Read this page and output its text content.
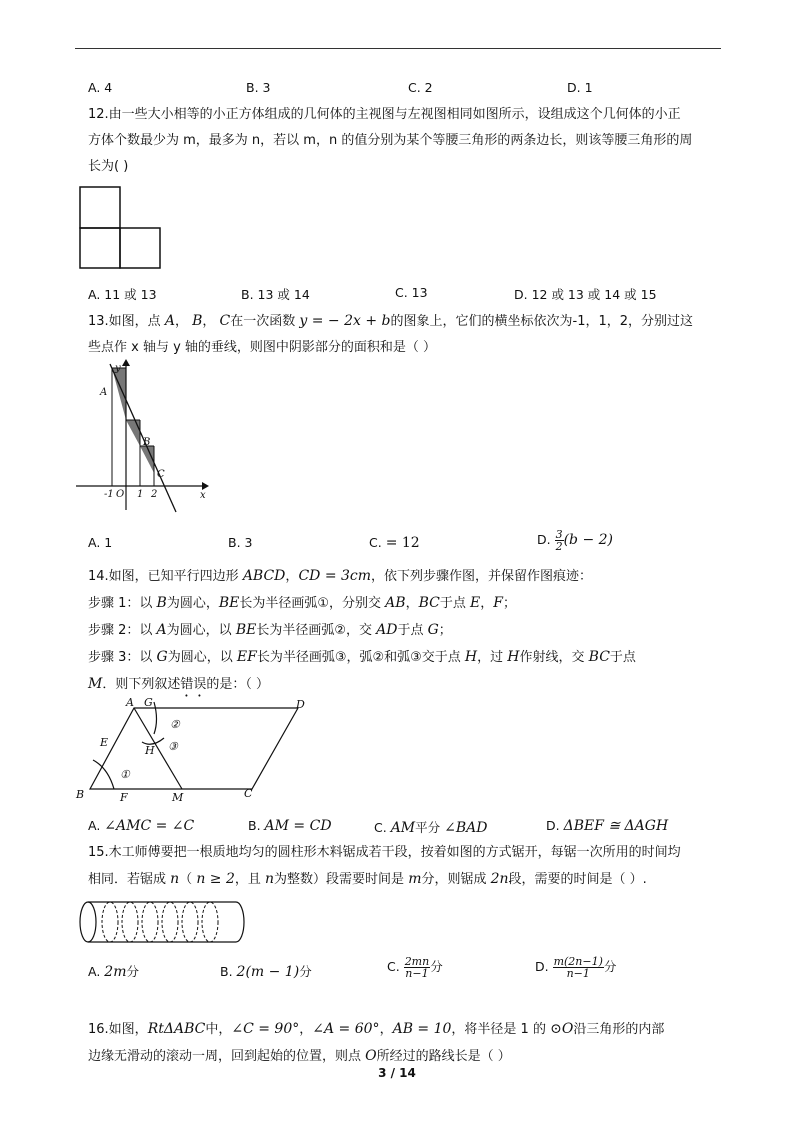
A. 4	B. 3	C. 2	D. 1

12.由一些大小相等的小正方体组成的几何体的主视图与左视图相同如图所示，设组成这个几何体的小正

方体个数最少为 m，最多为 n，若以 m，n 的值分别为某个等腰三角形的两条边长，则该等腰三角形的周

长为( )

A. 11 或 13	B. 13 或 14	C. 13	D. 12 或 13 或 14 或 15

13.如图，点 A， B， C在一次函数 y = − 2x + b的图象上，它们的横坐标依次为-1，1，2，分别过这

些点作 x 轴与 y 轴的垂线，则图中阴影部分的面积和是（ ）

y
x
A
B
C
-1 O 1 2
A. 1	B. 3	C. = 12	D. $\frac{3}{2} (b - 2)$

14.如图，已知平行四边形 ABCD，CD = 3cm，依下列步骤作图，并保留作图痕迹：

步骤 1：以 B为圆心，BE长为半径画弧①，分别交 AB，BC于点 E，F；

步骤 2：以 A为圆心，以 BE长为半径画弧②，交 AD于点 G；

步骤 3：以 G为圆心，以 EF长为半径画弧③，弧②和弧③交于点 H，过 H作射线，交 BC于点

M．则下列叙述错误的是：（ ）

A G	D
E
H
B	F	M	C
①
②
③
A. ∠AMC = ∠C	B. AM = CD	C. AM平分 ∠BAD	D. ΔBEF ≅ ΔAGH

15.木工师傅要把一根质地均匀的圆柱形木料锯成若干段，按着如图的方式锯开，每锯一次所用的时间均

相同．若锯成 n（ n ≥ 2，且 n为整数）段需要时间是 m分，则锯成 2n段，需要的时间是（ ）.

A. 2m分	B. 2(m − 1)分	C. $\frac{2mn}{n-1}$ 分	D. $\frac{m(2n-1)}{n-1}$ 分

16.如图，RtΔABC中，∠C = 90°，∠A = 60°，AB = 10，将半径是 1 的 ⊙O沿三角形的内部

边缘无滑动的滚动一周，回到起始的位置，则点 O所经过的路线长是（ ）

3 / 14
